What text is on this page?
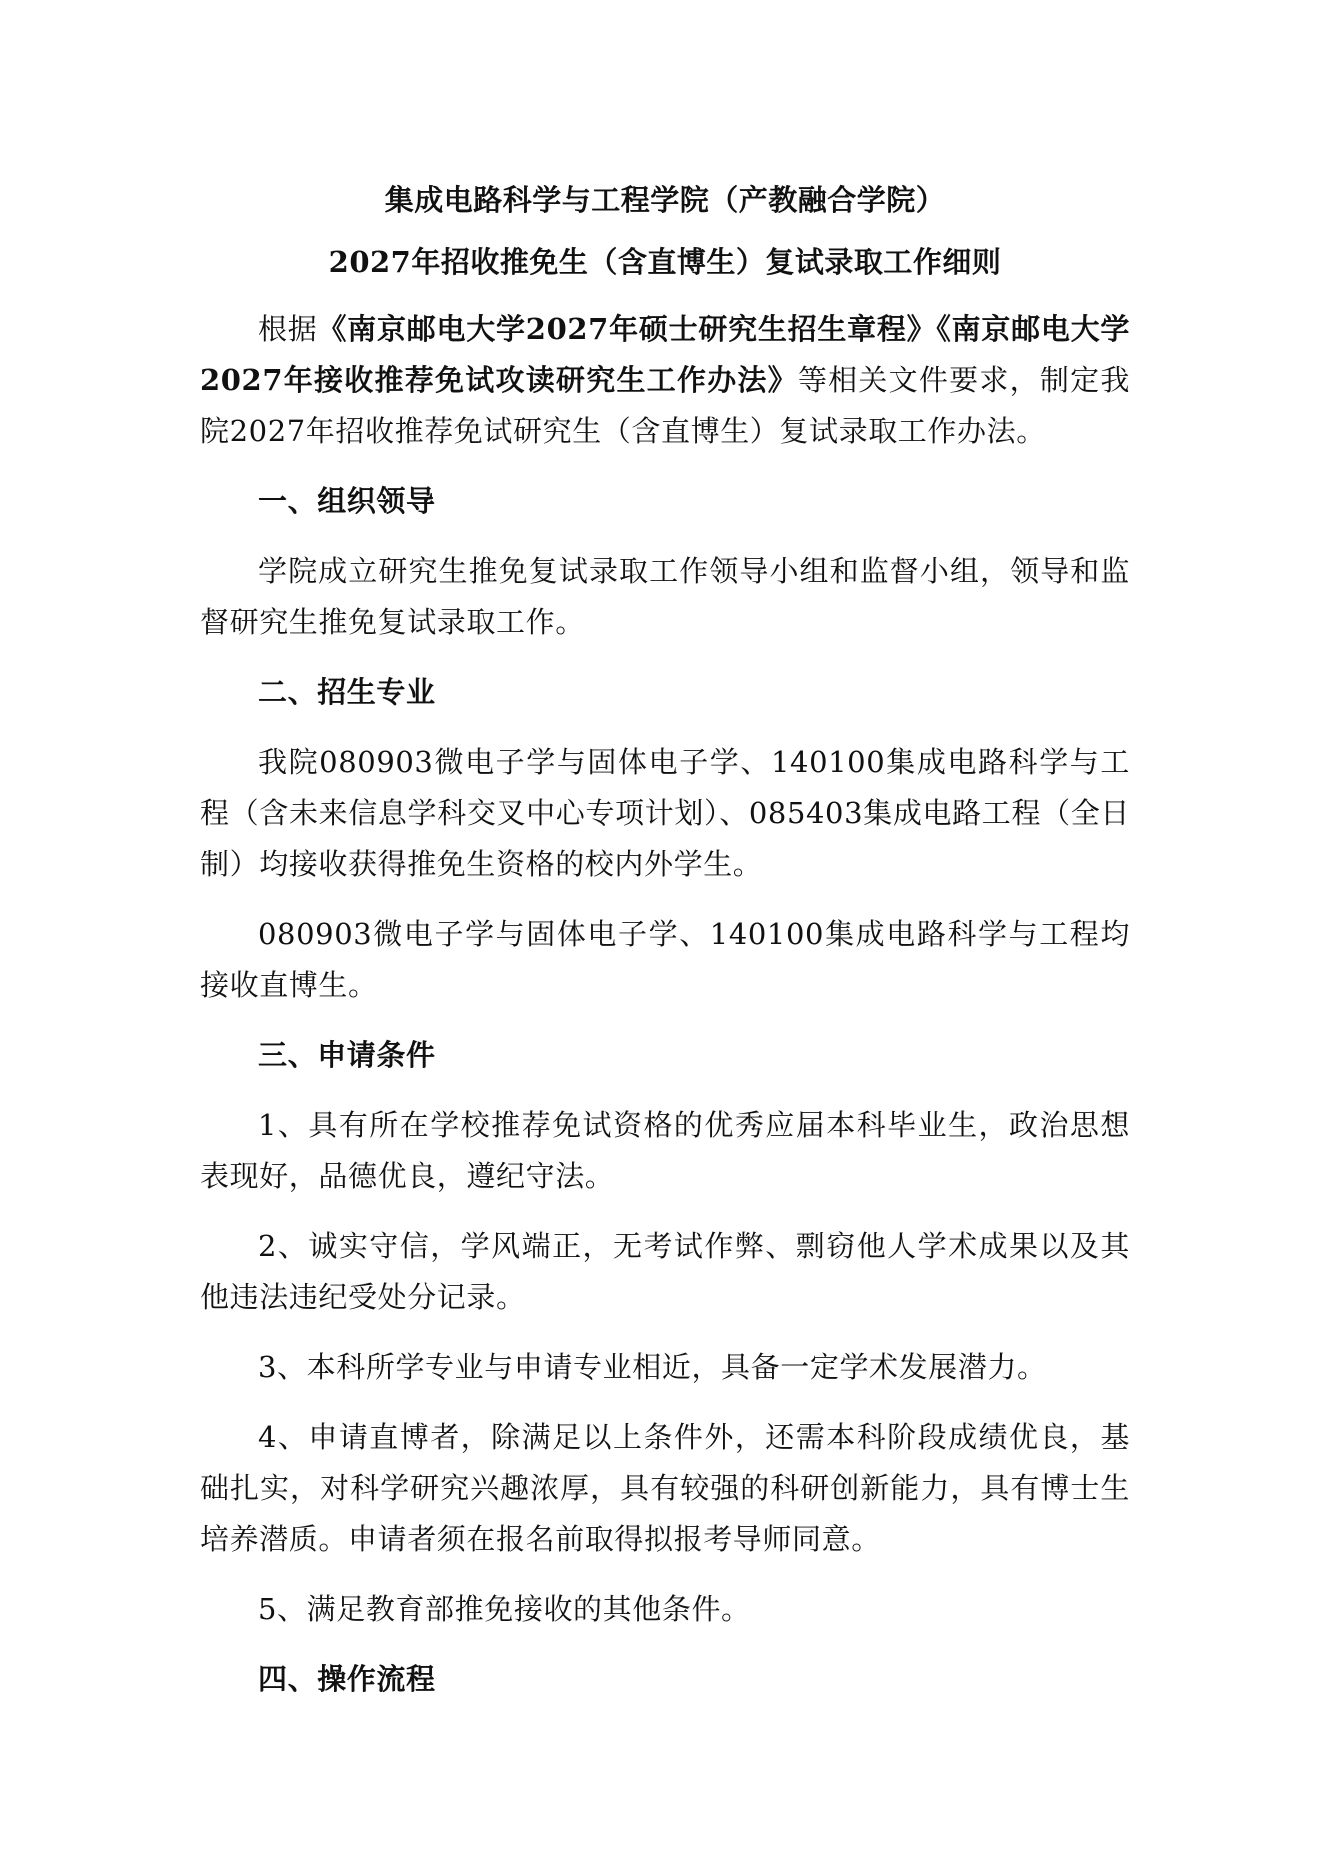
集成电路科学与工程学院（产教融合学院）
2027年招收推免生（含直博生）复试录取工作细则

根据《南京邮电大学2027年硕士研究生招生章程》《南京邮电大学2027年接收推荐免试攻读研究生工作办法》等相关文件要求，制定我院2027年招收推荐免试研究生（含直博生）复试录取工作办法。

一、组织领导

学院成立研究生推免复试录取工作领导小组和监督小组，领导和监督研究生推免复试录取工作。

二、招生专业

我院080903微电子学与固体电子学、140100集成电路科学与工程（含未来信息学科交叉中心专项计划）、085403集成电路工程（全日制）均接收获得推免生资格的校内外学生。

080903微电子学与固体电子学、140100集成电路科学与工程均接收直博生。

三、申请条件

1、具有所在学校推荐免试资格的优秀应届本科毕业生，政治思想表现好，品德优良，遵纪守法。

2、诚实守信，学风端正，无考试作弊、剽窃他人学术成果以及其他违法违纪受处分记录。

3、本科所学专业与申请专业相近，具备一定学术发展潜力。

4、申请直博者，除满足以上条件外，还需本科阶段成绩优良，基础扎实，对科学研究兴趣浓厚，具有较强的科研创新能力，具有博士生培养潜质。申请者须在报名前取得拟报考导师同意。

5、满足教育部推免接收的其他条件。

四、操作流程
